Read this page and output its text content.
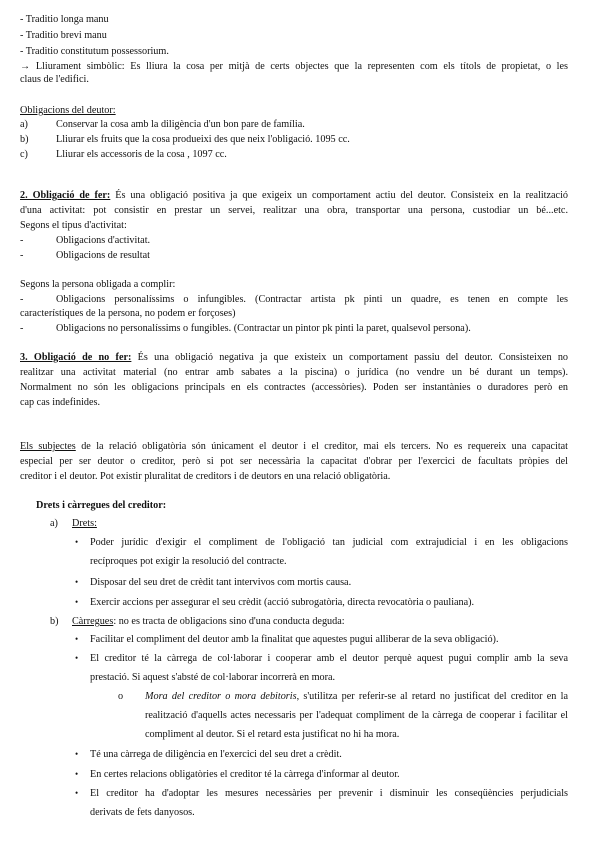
- Traditio longa manu
- Traditio brevi manu
- Traditio constitutum possessorium.
→ Lliurament simbòlic: Es lliura la cosa per mitjà de certs objectes que la representen com els títols de propietat, o les
claus de l'edifici.
Obligacions del deutor:
a)	Conservar la cosa amb la diligència d'un bon pare de família.
b)	Lliurar els fruits que la cosa produeixi des que neix l'obligació. 1095 cc.
c)	Lliurar els accessoris de la cosa , 1097 cc.
2. Obligació de fer: És una obligació positiva ja que exigeix un comportament actiu del deutor. Consisteix en la realització
d'una activitat: pot consistir en prestar un servei, realitzar una obra, transportar una persona, custodiar un bé...etc.
Segons el tipus d'activitat:
-	Obligacions d'activitat.
-	Obligacions de resultat
Segons la persona obligada a complir:
-	Obligacions personalíssims o infungibles. (Contractar artista pk pinti un quadre, es tenen en compte les
característiques de la persona, no podem er forçoses)
-	Obligacions no personalíssims o fungibles. (Contractar un pintor pk pinti la paret, qualsevol persona).
3. Obligació de no fer: És una obligació negativa ja que existeix un comportament passiu del deutor. Consisteixen no
realitzar una activitat material (no entrar amb sabates a la piscina) o jurídica (no vendre un bé durant un temps).
Normalment no són les obligacions principals en els contractes (accessòries). Poden ser instantànies o duradores però en
cap cas indefinides.
Els subjectes de la relació obligatòria són únicament el deutor i el creditor, mai els tercers. No es requereix una capacitat
especial per ser deutor o creditor, però si pot ser necessària la capacitat d'obrar per l'exercici de facultats pròpies del
creditor i el deutor. Pot existir pluralitat de creditors i de deutors en una relació obligatòria.
Drets i càrregues del creditor:
a) Drets:
• Poder jurídic d'exigir el compliment de l'obligació tan judicial com extrajudicial i en les obligacions
recíproques pot exigir la resolució del contracte.
• Disposar del seu dret de crèdit tant intervivos com mortis causa.
• Exercir accions per assegurar el seu crèdit (acció subrogatòria, directa revocatòria o pauliana).
b) Càrregues: no es tracta de obligacions sino d'una conducta deguda:
• Facilitar el compliment del deutor amb la finalitat que aquestes pugui alliberar de la seva obligació).
• El creditor té la càrrega de col·laborar i cooperar amb el deutor perquè aquest pugui complir amb la seva
prestació. Si aquest s'absté de col·laborar incorrerà en mora.
o Mora del creditor o mora debitoris, s'utilitza per referir-se al retard no justificat del creditor en la
realització d'aquells actes necessaris per l'adequat compliment de la càrrega de cooperar i facilitar el
compliment al deutor. Si el retard esta justificat no hi ha mora.
• Té una càrrega de diligència en l'exercici del seu dret a crèdit.
• En certes relacions obligatòries el creditor té la càrrega d'informar al deutor.
• El creditor ha d'adoptar les mesures necessàries per prevenir i disminuir les conseqüències perjudicials
derivats de fets danyosos.
